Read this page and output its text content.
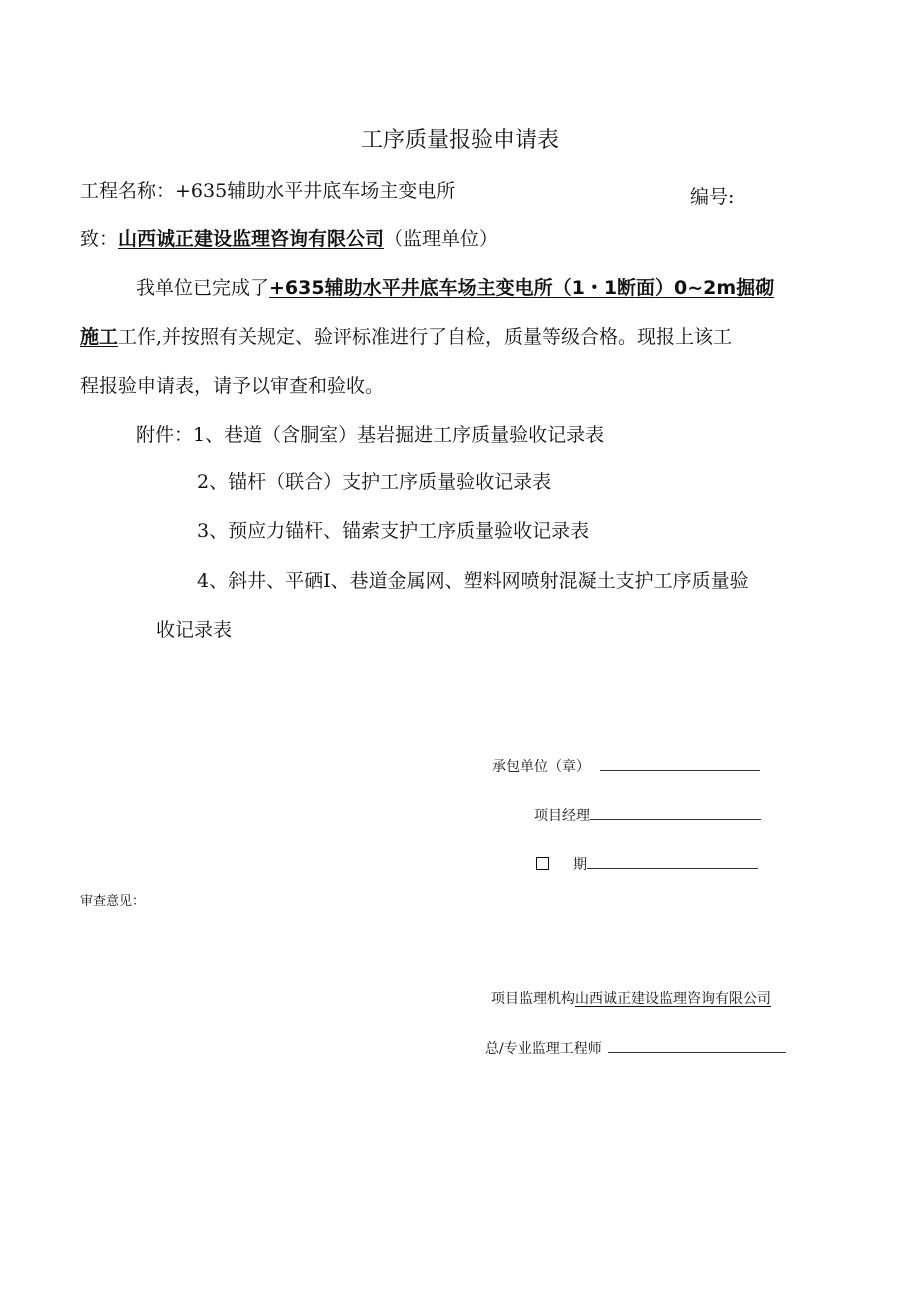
工序质量报验申请表
工程名称：+635辅助水平井底车场主变电所	编号:
致：山西诚正建设监理咨询有限公司（监理单位）
我单位已完成了+635辅助水平井底车场主变电所（1・1断面）0~2m掘砌
施工工作,并按照有关规定、验评标准进行了自检，质量等级合格。现报上该工
程报验申请表，请予以审查和验收。
附件：1、巷道（含胴室）基岩掘进工序质量验收记录表
2、锚杆（联合）支护工序质量验收记录表
3、预应力锚杆、锚索支护工序质量验收记录表
4、斜井、平硒I、巷道金属网、塑料网喷射混凝土支护工序质量验
收记录表
承包单位（章）
项目经理
期
审查意见：
项目监理机构山西诚正建设监理咨询有限公司
总/专业监理工程师
